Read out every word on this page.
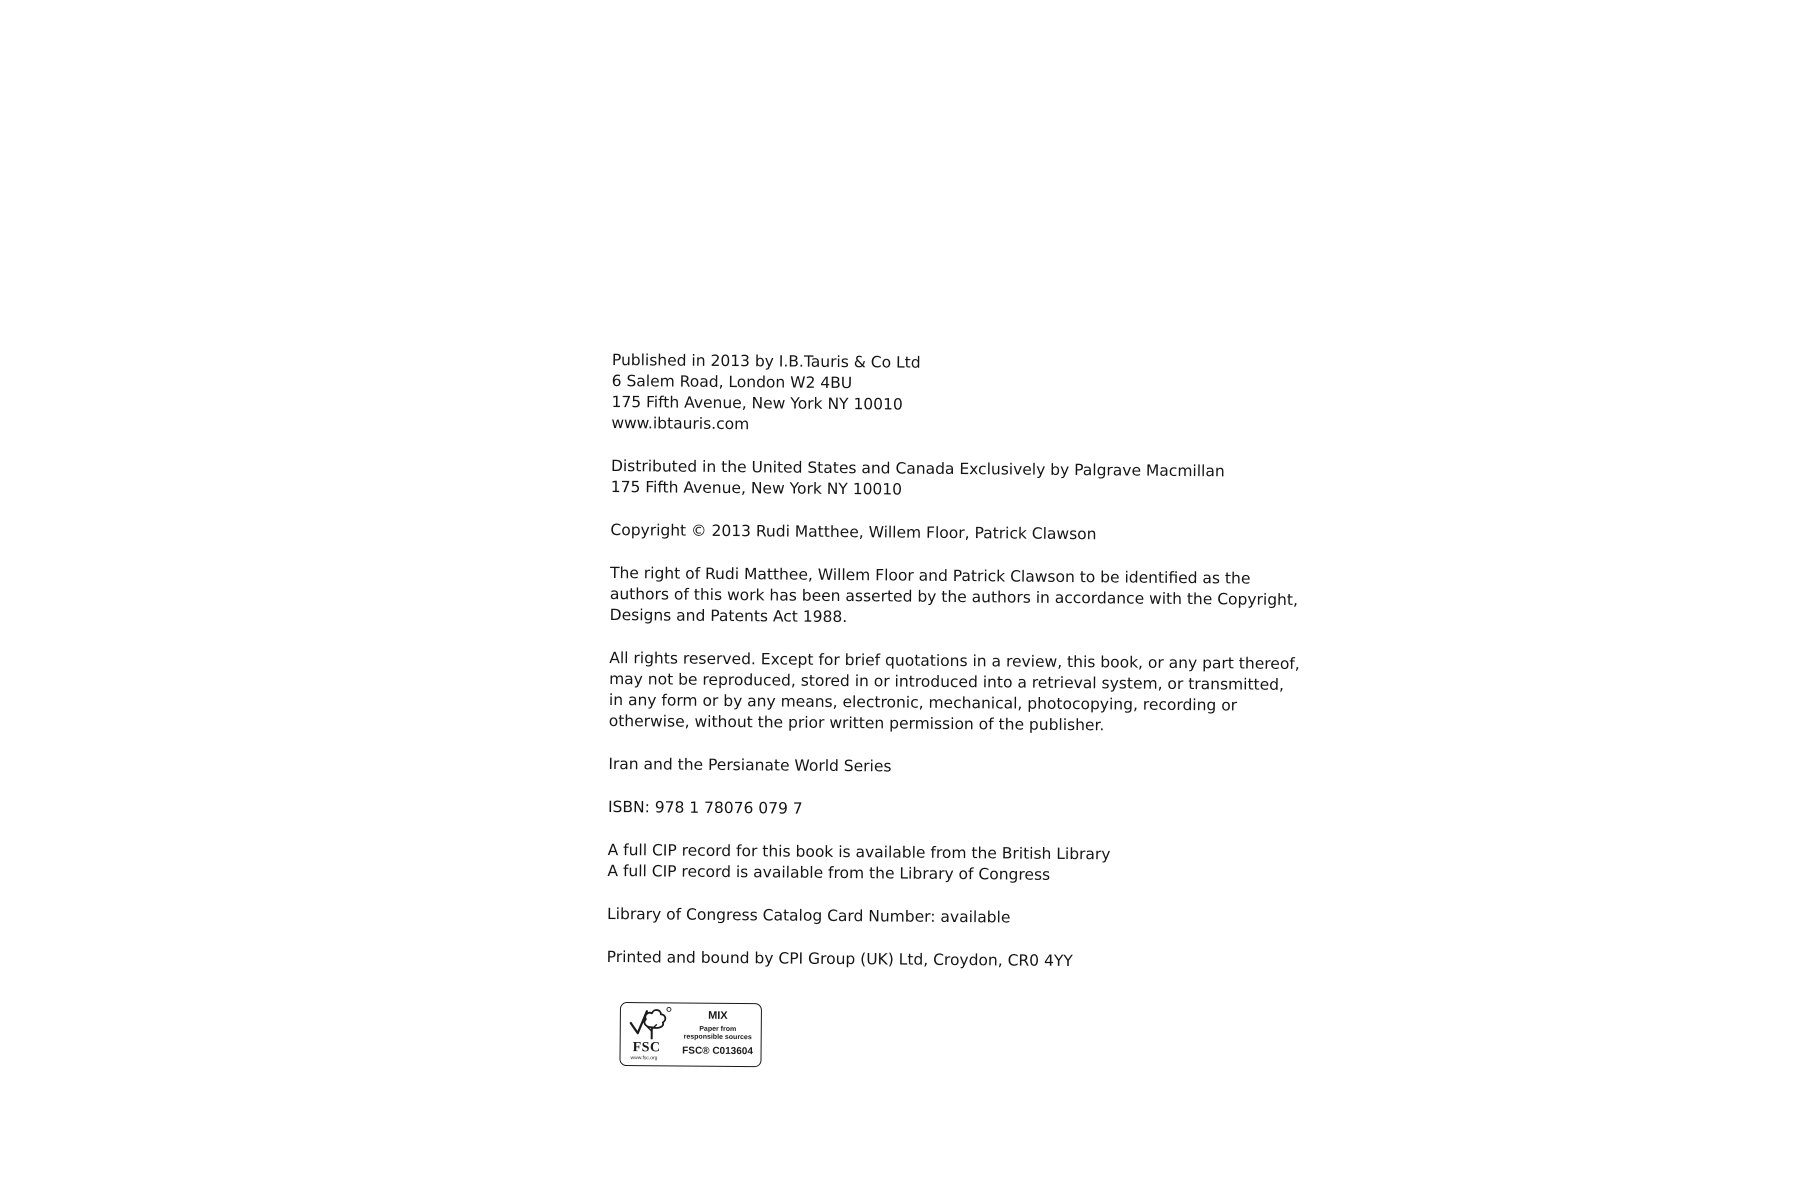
Published in 2013 by I.B.Tauris & Co Ltd
6 Salem Road, London W2 4BU
175 Fifth Avenue, New York NY 10010
www.ibtauris.com
Distributed in the United States and Canada Exclusively by Palgrave Macmillan
175 Fifth Avenue, New York NY 10010
Copyright © 2013 Rudi Matthee, Willem Floor, Patrick Clawson
The right of Rudi Matthee, Willem Floor and Patrick Clawson to be identified as the
authors of this work has been asserted by the authors in accordance with the Copyright,
Designs and Patents Act 1988.
All rights reserved. Except for brief quotations in a review, this book, or any part thereof,
may not be reproduced, stored in or introduced into a retrieval system, or transmitted,
in any form or by any means, electronic, mechanical, photocopying, recording or
otherwise, without the prior written permission of the publisher.
Iran and the Persianate World Series
ISBN: 978 1 78076 079 7
A full CIP record for this book is available from the British Library
A full CIP record is available from the Library of Congress
Library of Congress Catalog Card Number: available
Printed and bound by CPI Group (UK) Ltd, Croydon, CR0 4YY
FSC
www.fsc.org
MIX
Paper from
responsible sources
FSC® C013604
